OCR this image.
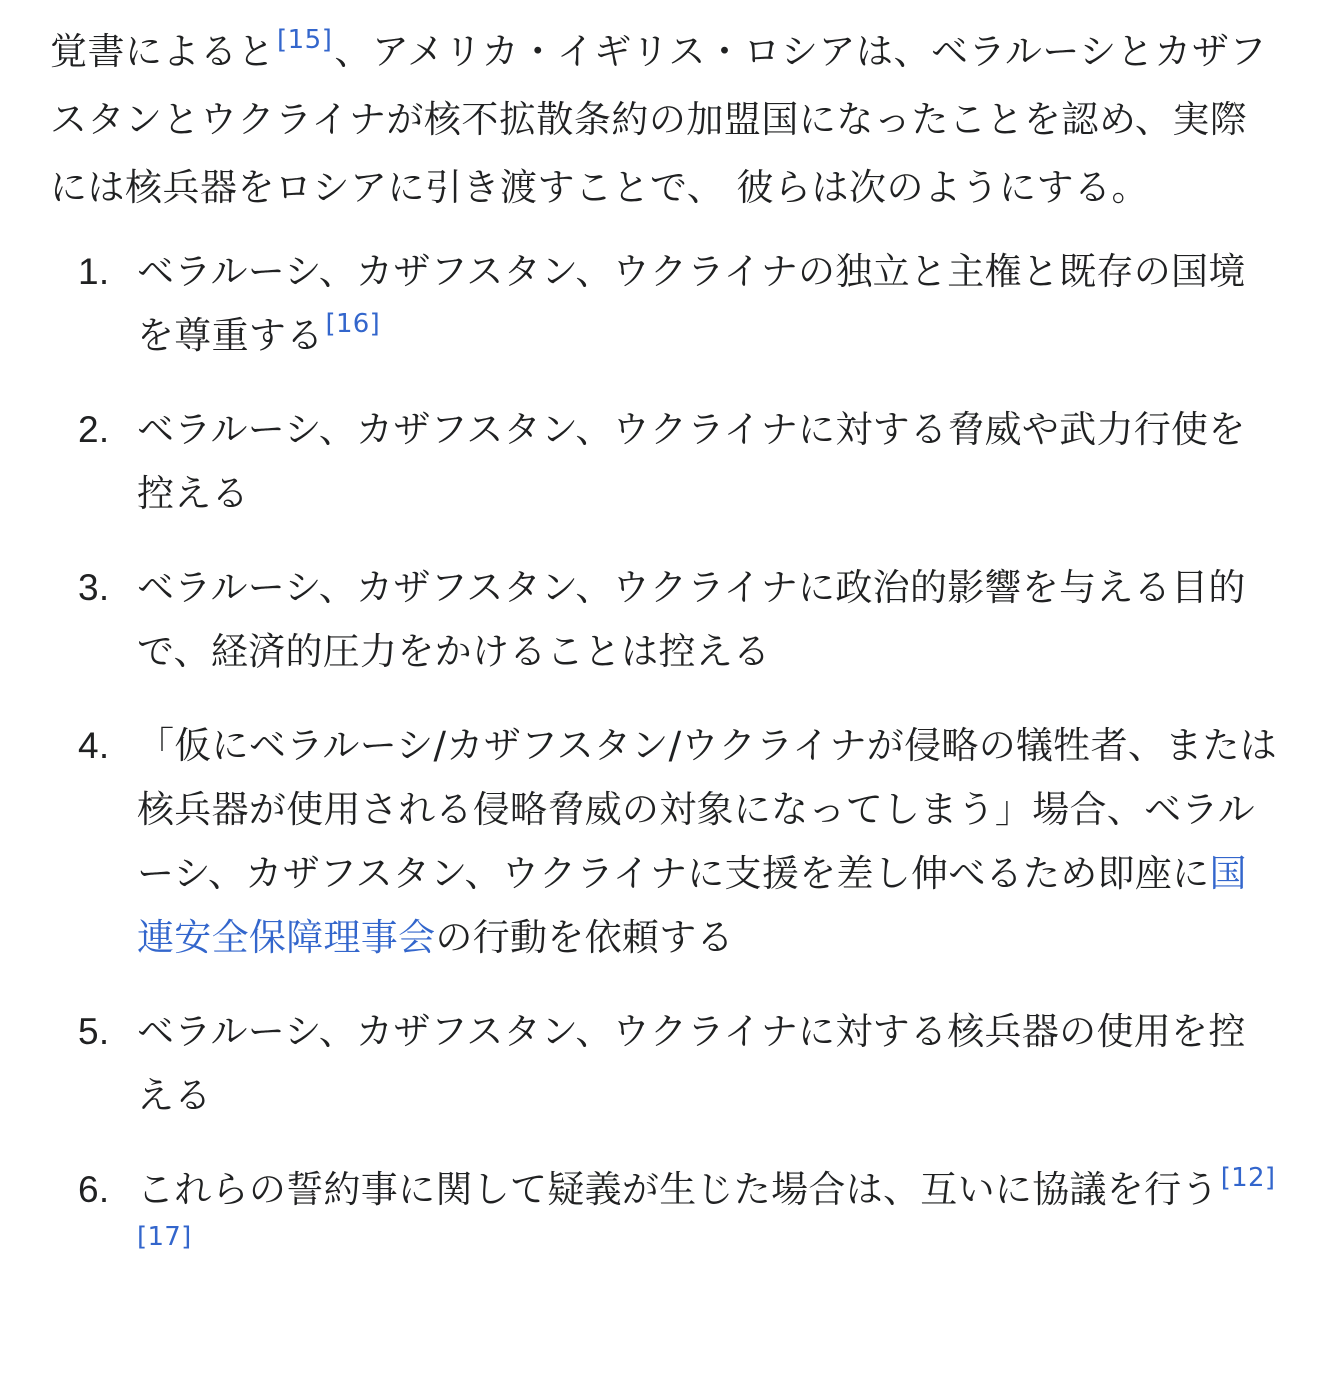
覚書によると[15]、アメリカ・イギリス・ロシアは、ベラルーシとカザフスタンとウクライナが核不拡散条約の加盟国になったことを認め、実際には核兵器をロシアに引き渡すことで、 彼らは次のようにする。

1. ベラルーシ、カザフスタン、ウクライナの独立と主権と既存の国境を尊重する[16]
2. ベラルーシ、カザフスタン、ウクライナに対する脅威や武力行使を控える
3. ベラルーシ、カザフスタン、ウクライナに政治的影響を与える目的で、経済的圧力をかけることは控える
4. 「仮にベラルーシ/カザフスタン/ウクライナが侵略の犠牲者、または核兵器が使用される侵略脅威の対象になってしまう」場合、ベラルーシ、カザフスタン、ウクライナに支援を差し伸べるため即座に国連安全保障理事会の行動を依頼する
5. ベラルーシ、カザフスタン、ウクライナに対する核兵器の使用を控える
6. これらの誓約事に関して疑義が生じた場合は、互いに協議を行う[12]
[17]
